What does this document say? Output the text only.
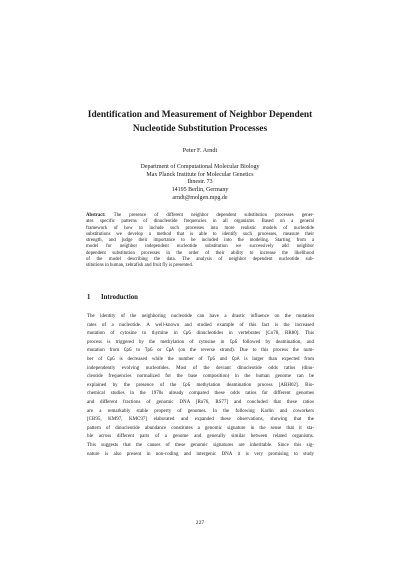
Identification and Measurement of Neighbor Dependent
Nucleotide Substitution Processes
Peter F. Arndt
Department of Computational Molecular Biology
Max Planck Institute for Molecular Genetics
Ihnestr. 73
14195 Berlin, Germany
arndt@molgen.mpg.de
Abstract: The presence of different neighbor dependent substitution processes gener-
ates specific patterns of dinucleotide frequencies in all organisms. Based on a general
framework of how to include such processes into more realistic models of nucleotide
substitutions we develop a method that is able to identify such processes, measure their
strength, and judge their importance to be included into the modeling. Starting from a
model for neighbor independent nucleotide substitution we successively add neighbor
dependent substitution processes in the order of their ability to increase the likelihood
of the model describing the data. The analysis of neighbor dependent nucleotide sub-
stitutions in human, zebrafish and fruit fly is presented.
1 Introduction
The identity of the neighboring nucleotide can have a drastic influence on the mutation
rates of a nucleotide. A well-known and studied example of this fact is the increased
mutation of cytosine to thymine in CpG dinucleotides in vertebrates [Co78, RR80]. This
process is triggered by the methylation of cytosine in CpG followed by deamination, and
mutation from CpG to TpG or CpA (on the reverse strand). Due to this process the num-
ber of CpG is decreased while the number of TpG and CpA is larger than expected from
independently evolving nucleotides. Most of the deviant dinucleotide odds ratios (dinu-
cleotide frequencies normalized for the base composition) in the human genome can be
explained by the presence of the CpG methylation deamination process [ABH02]. Bio-
chemical studies in the 1970s already compared these odds ratios for different genomes
and different fractions of genomic DNA [Ru76, RS77] and concluded that these ratios
are a remarkably stable property of genomes. In the following Karlin and coworkers
[CB95, KM97, KMC97] elaborated and expanded these observations, showing that the
pattern of dinucleotide abundance constitutes a genomic signature in the sense that it sta-
ble across different parts of a genome and generally similar between related organisms.
This suggests that the causes of these genomic signatures are inheritable. Since this sig-
nature is also present in non-coding and intergenic DNA it is very promising to study
227
